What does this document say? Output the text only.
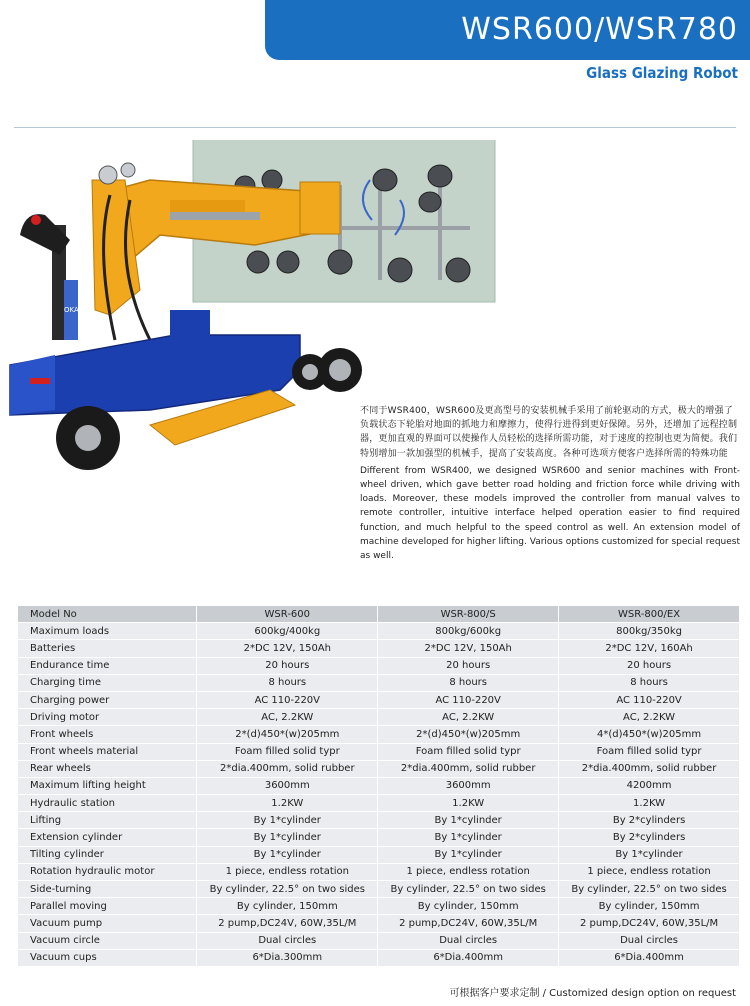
WSR600/WSR780
Glass Glazing Robot
OKASKO

不同于WSR400，WSR600及更高型号的安装机械手采用了前轮驱动的方式，极大的增强了负载状态下轮胎对地面的抓地力和摩擦力，使得行进得到更好保障。另外，还增加了远程控制器，更加直观的界面可以使操作人员轻松的选择所需功能，对于速度的控制也更为简便。我们特别增加一款加强型的机械手，提高了安装高度。各种可选项方便客户选择所需的特殊功能

Different from WSR400, we designed WSR600 and senior machines with Front-wheel driven, which gave better road holding and friction force while driving with loads. Moreover, these models improved the controller from manual valves to remote controller, intuitive interface helped operation easier to find required function, and much helpful to the speed control as well. An extension model of machine developed for higher lifting. Various options customized for special request as well.

Model No	WSR-600	WSR-800/S	WSR-800/EX
Maximum loads	600kg/400kg	800kg/600kg	800kg/350kg
Batteries	2*DC 12V, 150Ah	2*DC 12V, 150Ah	2*DC 12V, 160Ah
Endurance time	20 hours	20 hours	20 hours
Charging time	8 hours	8 hours	8 hours
Charging power	AC 110-220V	AC 110-220V	AC 110-220V
Driving motor	AC, 2.2KW	AC, 2.2KW	AC, 2.2KW
Front wheels	2*(d)450*(w)205mm	2*(d)450*(w)205mm	4*(d)450*(w)205mm
Front wheels material	Foam filled solid typr	Foam filled solid typr	Foam filled solid typr
Rear wheels	2*dia.400mm, solid rubber	2*dia.400mm, solid rubber	2*dia.400mm, solid rubber
Maximum lifting height	3600mm	3600mm	4200mm
Hydraulic station	1.2KW	1.2KW	1.2KW
Lifting	By 1*cylinder	By 1*cylinder	By 2*cylinders
Extension cylinder	By 1*cylinder	By 1*cylinder	By 2*cylinders
Tilting cylinder	By 1*cylinder	By 1*cylinder	By 1*cylinder
Rotation hydraulic motor	1 piece, endless rotation	1 piece, endless rotation	1 piece, endless rotation
Side-turning	By cylinder, 22.5° on two sides	By cylinder, 22.5° on two sides	By cylinder, 22.5° on two sides
Parallel moving	By cylinder, 150mm	By cylinder, 150mm	By cylinder, 150mm
Vacuum pump	2 pump,DC24V, 60W,35L/M	2 pump,DC24V, 60W,35L/M	2 pump,DC24V, 60W,35L/M
Vacuum circle	Dual circles	Dual circles	Dual circles
Vacuum cups	6*Dia.300mm	6*Dia.400mm	6*Dia.400mm
可根据客户要求定制 / Customized design option on request
